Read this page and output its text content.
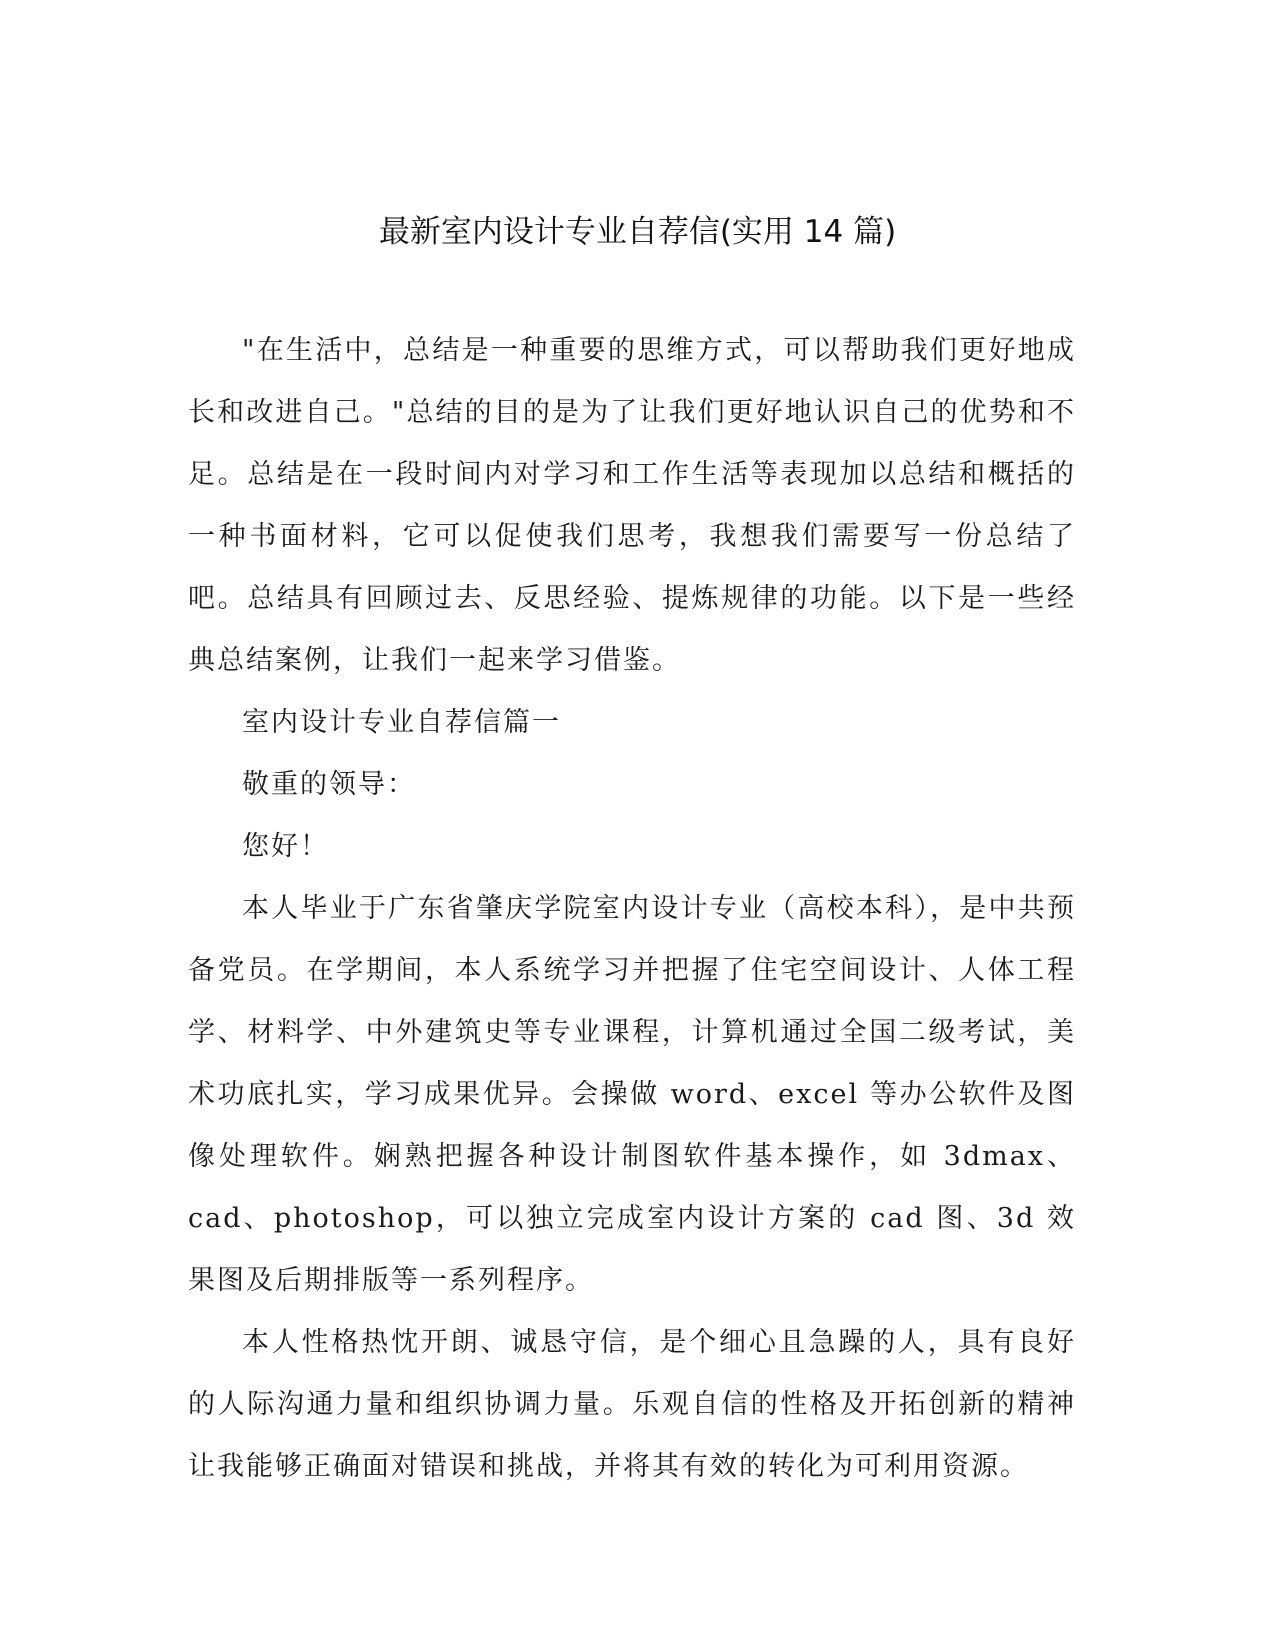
最新室内设计专业自荐信(实用 14 篇)

"在生活中，总结是一种重要的思维方式，可以帮助我们更好地成长和改进自己。"总结的目的是为了让我们更好地认识自己的优势和不足。总结是在一段时间内对学习和工作生活等表现加以总结和概括的一种书面材料，它可以促使我们思考，我想我们需要写一份总结了吧。总结具有回顾过去、反思经验、提炼规律的功能。以下是一些经典总结案例，让我们一起来学习借鉴。

室内设计专业自荐信篇一

敬重的领导：

您好！

本人毕业于广东省肇庆学院室内设计专业（高校本科），是中共预备党员。在学期间，本人系统学习并把握了住宅空间设计、人体工程学、材料学、中外建筑史等专业课程，计算机通过全国二级考试，美术功底扎实，学习成果优异。会操做 word、excel 等办公软件及图像处理软件。娴熟把握各种设计制图软件基本操作，如 3dmax、cad、photoshop，可以独立完成室内设计方案的 cad 图、3d 效果图及后期排版等一系列程序。

本人性格热忱开朗、诚恳守信，是个细心且急躁的人，具有良好的人际沟通力量和组织协调力量。乐观自信的性格及开拓创新的精神让我能够正确面对错误和挑战，并将其有效的转化为可利用资源。
